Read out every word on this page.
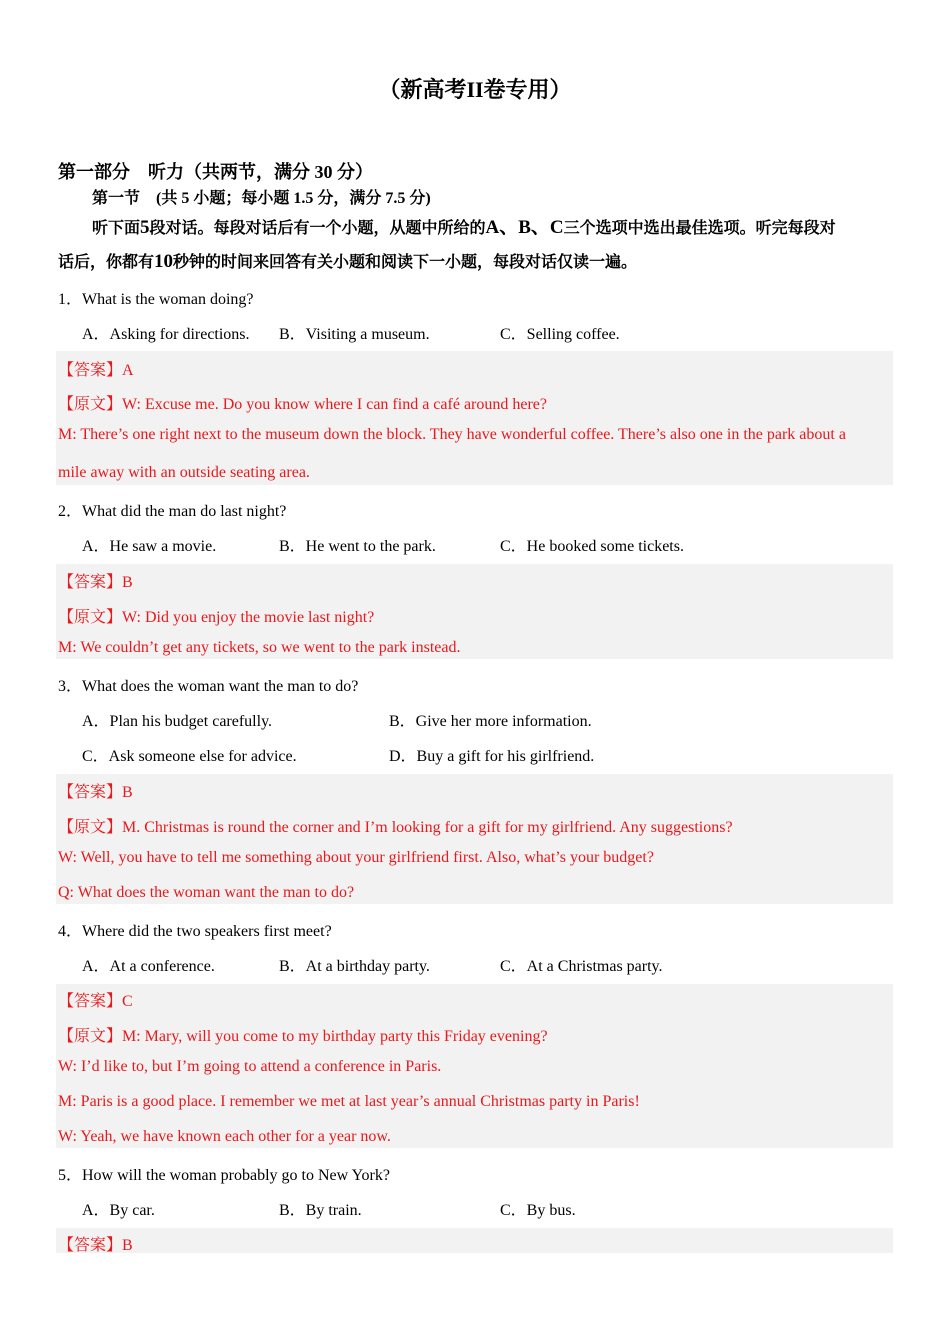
（新高考II卷专用）
第一部分　听力（共两节，满分 30 分）
第一节　(共 5 小题；每小题 1.5 分，满分 7.5 分)
听下面5段对话。每段对话后有一个小题，从题中所给的A、B、C三个选项中选出最佳选项。听完每段对
话后，你都有10秒钟的时间来回答有关小题和阅读下一小题，每段对话仅读一遍。
1．What is the woman doing?
A．Asking for directions. B．Visiting a museum.	C．Selling coffee.
【答案】A
【原文】W: Excuse me. Do you know where I can find a café around here?
M: There’s one right next to the museum down the block. They have wonderful coffee. There’s also one in the park about a
mile away with an outside seating area.
2．What did the man do last night?
A．He saw a movie.	B．He went to the park.	C．He booked some tickets.
【答案】B
【原文】W: Did you enjoy the movie last night?
M: We couldn’t get any tickets, so we went to the park instead.
3．What does the woman want the man to do?
A．Plan his budget carefully.	B．Give her more information.
C．Ask someone else for advice.	D．Buy a gift for his girlfriend.
【答案】B
【原文】M. Christmas is round the corner and I’m looking for a gift for my girlfriend. Any suggestions?
W: Well, you have to tell me something about your girlfriend first. Also, what’s your budget?
Q: What does the woman want the man to do?
4．Where did the two speakers first meet?
A．At a conference.	B．At a birthday party.	C．At a Christmas party.
【答案】C
【原文】M: Mary, will you come to my birthday party this Friday evening?
W: I’d like to, but I’m going to attend a conference in Paris.
M: Paris is a good place. I remember we met at last year’s annual Christmas party in Paris!
W: Yeah, we have known each other for a year now.
5．How will the woman probably go to New York?
A．By car.	B．By train.	C．By bus.
【答案】B
